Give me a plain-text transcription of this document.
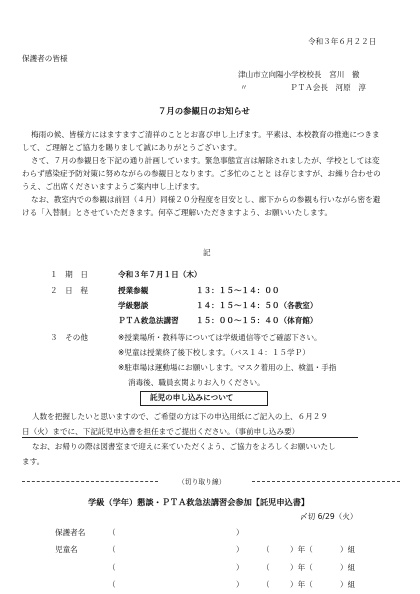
令和３年６月２２日
保護者の皆様
津山市立向陽小学校校長　宮川　徹
〃	ＰＴＡ会長　河原　淳
７月の参観日のお知らせ
梅雨の候、皆様方にはますますご清祥のこととお喜び申し上げます。平素は、本校教育の推進につきまして、ご理解とご協力を賜りまして誠にありがとうございます。
さて、７月の参観日を下記の通り計画しています。緊急事態宣言は解除されましたが、学校としては変わらず感染症予防対策に努めながらの参観日となります。ご多忙のことと は存じますが、お繰り合わせのうえ、ご出席くださいますようご案内申し上げます。
なお、教室内での参観は前回（４月）同様２０分程度を目安とし、廊下からの参観も行いながら密を避ける「入替制」とさせていただきます。何卒ご理解いただきますよう、お願いいたします。
記
１　期　日	令和３年７月１日（木）
２　日　程	授業参観	１３：１５～１４：００
学級懇談	１４：１５～１４：５０（各教室）
ＰＴＡ救急法講習 １５：００～１５：４０（体育館）
３　その他	※授業場所・教科等については学級通信等でご確認下さい。
※児童は授業終了後下校します。（バス１４：１５学Ｐ）
※駐車場は運動場にお願いします。マスク着用の上、検温・手指
消毒後、職員玄関よりお入りください。
託児の申し込みについて
人数を把握したいと思いますので、ご希望の方は下の申込用紙にご記入の上、６月２９
日（火）までに、下記託児申込書を担任までご提出ください。（事前申し込み要）
なお、お帰りの際は図書室まで迎えに来ていただくよう、ご協力をよろしくお願いいたし
ます。
（切り取り線）
学級（学年）懇談・ＰＴＡ救急法講習会参加【託児申込書】
〆切 6/29（火）
保護者名	（	）
児童名	（	） （	）年（	）組
（	） （	）年（	）組
（	） （	）年（	）組
